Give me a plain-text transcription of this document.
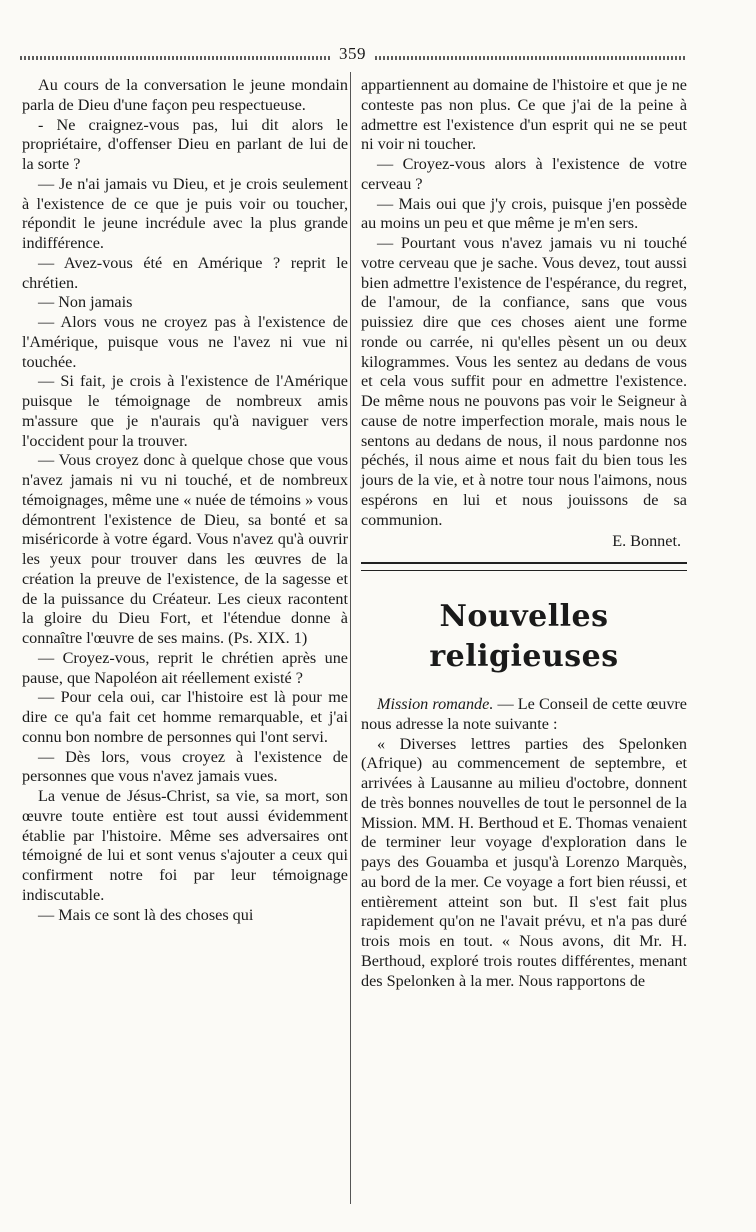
359

Au cours de la conversation le jeune mondain parla de Dieu d'une façon peu respectueuse.

- Ne craignez-vous pas, lui dit alors le propriétaire, d'offenser Dieu en parlant de lui de la sorte ?

— Je n'ai jamais vu Dieu, et je crois seulement à l'existence de ce que je puis voir ou toucher, répondit le jeune incrédule avec la plus grande indifférence.

— Avez-vous été en Amérique ? reprit le chrétien.

— Non jamais

— Alors vous ne croyez pas à l'existence de l'Amérique, puisque vous ne l'avez ni vue ni touchée.

— Si fait, je crois à l'existence de l'Amérique puisque le témoignage de nombreux amis m'assure que je n'aurais qu'à naviguer vers l'occident pour la trouver.

— Vous croyez donc à quelque chose que vous n'avez jamais ni vu ni touché, et de nombreux témoignages, même une « nuée de témoins » vous démontrent l'existence de Dieu, sa bonté et sa miséricorde à votre égard. Vous n'avez qu'à ouvrir les yeux pour trouver dans les œuvres de la création la preuve de l'existence, de la sagesse et de la puissance du Créateur. Les cieux racontent la gloire du Dieu Fort, et l'étendue donne à connaître l'œuvre de ses mains. (Ps. XIX. 1)

— Croyez-vous, reprit le chrétien après une pause, que Napoléon ait réellement existé ?

— Pour cela oui, car l'histoire est là pour me dire ce qu'a fait cet homme remarquable, et j'ai connu bon nombre de personnes qui l'ont servi.

— Dès lors, vous croyez à l'existence de personnes que vous n'avez jamais vues.

La venue de Jésus-Christ, sa vie, sa mort, son œuvre toute entière est tout aussi évidemment établie par l'histoire. Même ses adversaires ont témoigné de lui et sont venus s'ajouter a ceux qui confirment notre foi par leur témoignage indiscutable.

— Mais ce sont là des choses qui

appartiennent au domaine de l'histoire et que je ne conteste pas non plus. Ce que j'ai de la peine à admettre est l'existence d'un esprit qui ne se peut ni voir ni toucher.

— Croyez-vous alors à l'existence de votre cerveau ?

— Mais oui que j'y crois, puisque j'en possède au moins un peu et que même je m'en sers.

— Pourtant vous n'avez jamais vu ni touché votre cerveau que je sache. Vous devez, tout aussi bien admettre l'existence de l'espérance, du regret, de l'amour, de la confiance, sans que vous puissiez dire que ces choses aient une forme ronde ou carrée, ni qu'elles pèsent un ou deux kilogrammes. Vous les sentez au dedans de vous et cela vous suffit pour en admettre l'existence. De même nous ne pouvons pas voir le Seigneur à cause de notre imperfection morale, mais nous le sentons au dedans de nous, il nous pardonne nos péchés, il nous aime et nous fait du bien tous les jours de la vie, et à notre tour nous l'aimons, nous espérons en lui et nous jouissons de sa communion.

E. Bonnet.

Nouvelles religieuses

Mission romande. — Le Conseil de cette œuvre nous adresse la note suivante :

« Diverses lettres parties des Spelonken (Afrique) au commencement de septembre, et arrivées à Lausanne au milieu d'octobre, donnent de très bonnes nouvelles de tout le personnel de la Mission. MM. H. Berthoud et E. Thomas venaient de terminer leur voyage d'exploration dans le pays des Gouamba et jusqu'à Lorenzo Marquès, au bord de la mer. Ce voyage a fort bien réussi, et entièrement atteint son but. Il s'est fait plus rapidement qu'on ne l'avait prévu, et n'a pas duré trois mois en tout. « Nous avons, dit Mr. H. Berthoud, exploré trois routes différentes, menant des Spelonken à la mer. Nous rapportons de
